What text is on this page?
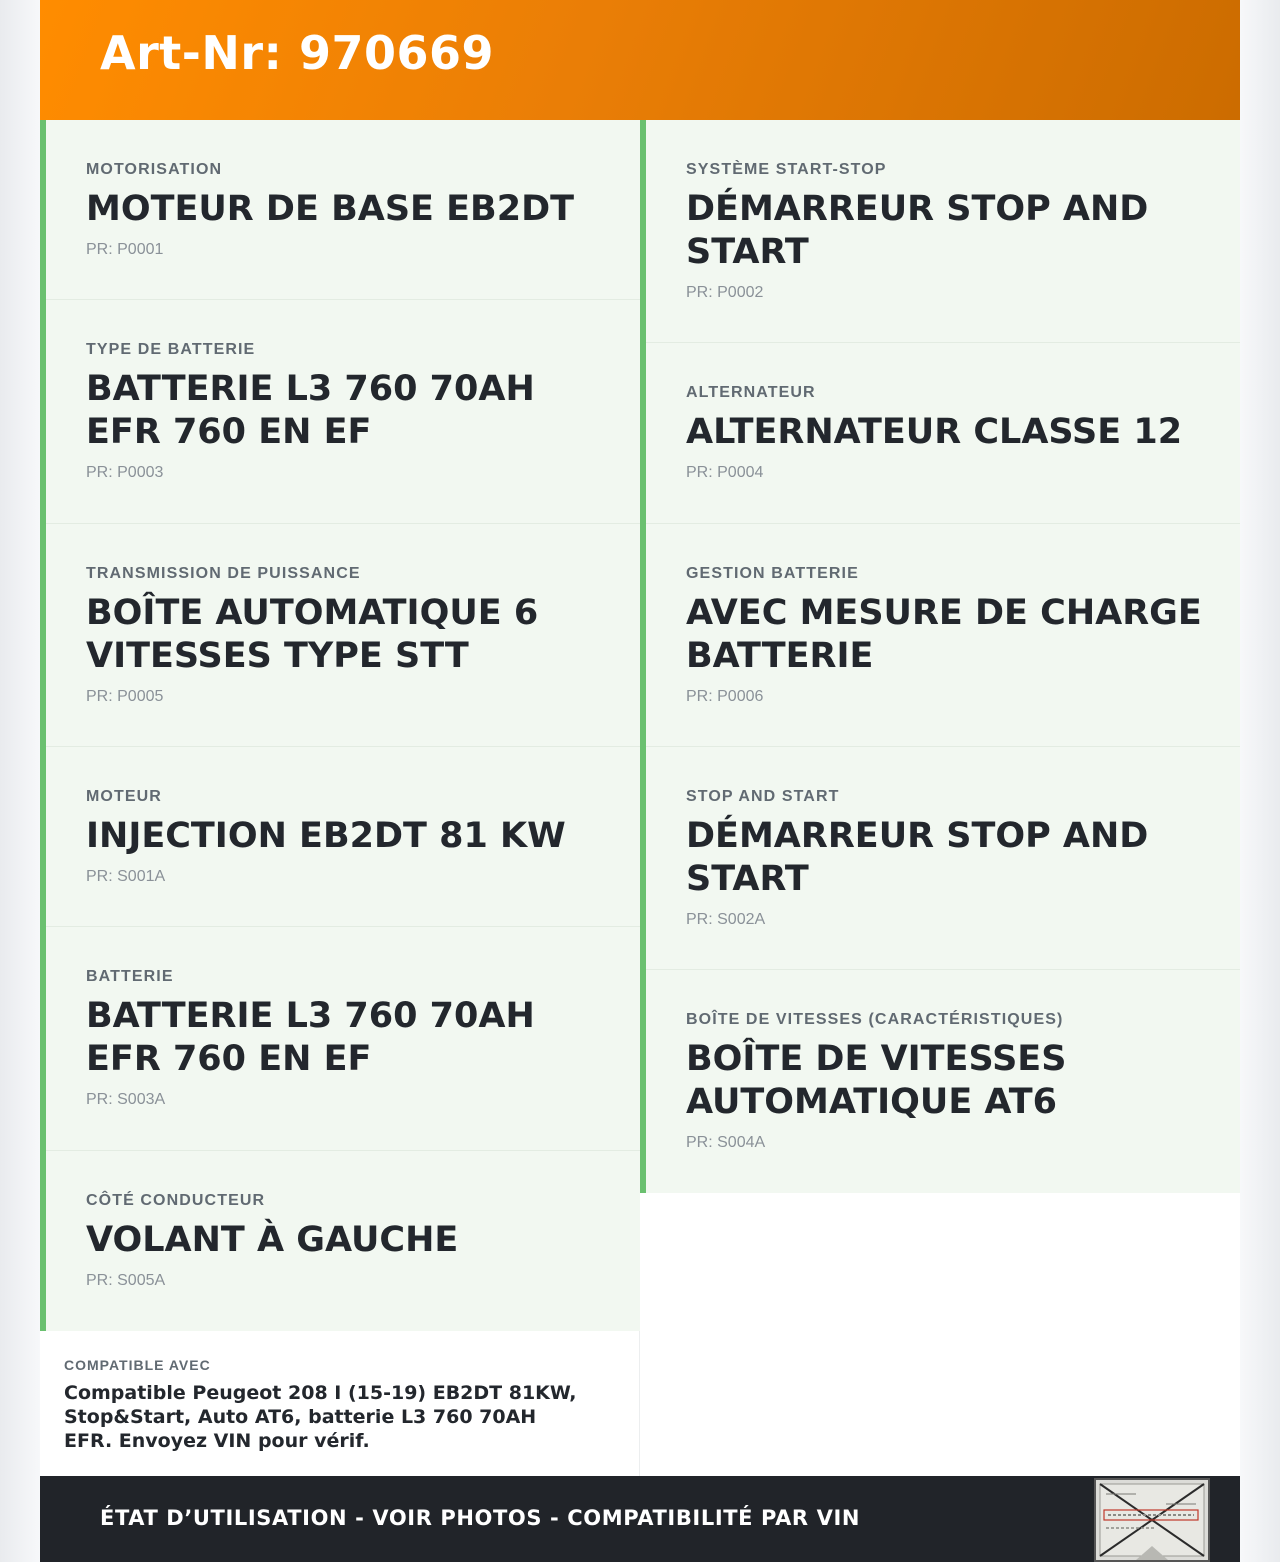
Art-Nr: 970669
MOTORISATION
MOTEUR DE BASE EB2DT
PR: P0001
TYPE DE BATTERIE
BATTERIE L3 760 70AH EFR 760 EN EF
PR: P0003
TRANSMISSION DE PUISSANCE
BOÎTE AUTOMATIQUE 6 VITESSES TYPE STT
PR: P0005
MOTEUR
INJECTION EB2DT 81 KW
PR: S001A
BATTERIE
BATTERIE L3 760 70AH EFR 760 EN EF
PR: S003A
CÔTÉ CONDUCTEUR
VOLANT À GAUCHE
PR: S005A
SYSTÈME START-STOP
DÉMARREUR STOP AND START
PR: P0002
ALTERNATEUR
ALTERNATEUR CLASSE 12
PR: P0004
GESTION BATTERIE
AVEC MESURE DE CHARGE BATTERIE
PR: P0006
STOP AND START
DÉMARREUR STOP AND START
PR: S002A
BOÎTE DE VITESSES (CARACTÉRISTIQUES)
BOÎTE DE VITESSES AUTOMATIQUE AT6
PR: S004A
COMPATIBLE AVEC
Compatible Peugeot 208 I (15-19) EB2DT 81KW, Stop&Start, Auto AT6, batterie L3 760 70AH EFR. Envoyez VIN pour vérif.
ÉTAT D’UTILISATION - VOIR PHOTOS - COMPATIBILITÉ PAR VIN
